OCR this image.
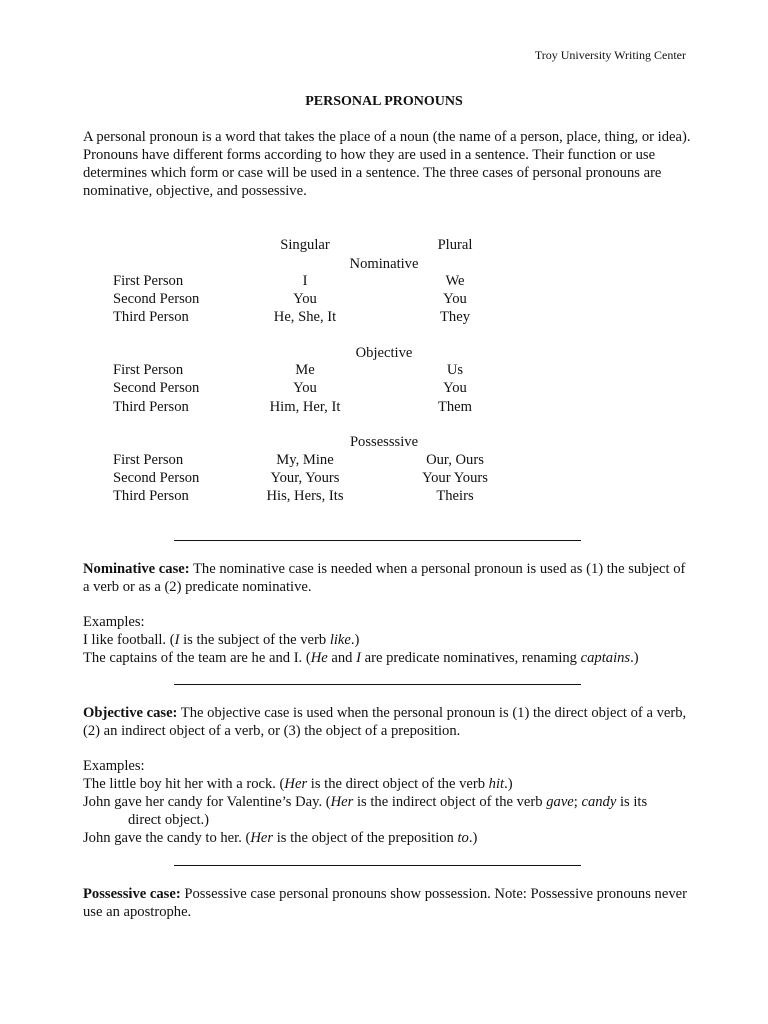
Troy University Writing Center
PERSONAL PRONOUNS
A personal pronoun is a word that takes the place of a noun (the name of a person, place, thing, or idea). Pronouns have different forms according to how they are used in a sentence. Their function or use determines which form or case will be used in a sentence. The three cases of personal pronouns are nominative, objective, and possessive.
Singular	Plural
Nominative
First Person	I	We
Second Person	You	You
Third Person	He, She, It	They
Objective
First Person	Me	Us
Second Person	You	You
Third Person	Him, Her, It	Them
Possesssive
First Person	My, Mine	Our, Ours
Second Person	Your, Yours	Your Yours
Third Person	His, Hers, Its	Theirs
Nominative case: The nominative case is needed when a personal pronoun is used as (1) the subject of a verb or as a (2) predicate nominative.
Examples:
I like football. (I is the subject of the verb like.)
The captains of the team are he and I. (He and I are predicate nominatives, renaming captains.)
Objective case: The objective case is used when the personal pronoun is (1) the direct object of a verb, (2) an indirect object of a verb, or (3) the object of a preposition.
Examples:
The little boy hit her with a rock. (Her is the direct object of the verb hit.)
John gave her candy for Valentine’s Day. (Her is the indirect object of the verb gave; candy is its
direct object.)
John gave the candy to her. (Her is the object of the preposition to.)
Possessive case: Possessive case personal pronouns show possession. Note: Possessive pronouns never use an apostrophe.
